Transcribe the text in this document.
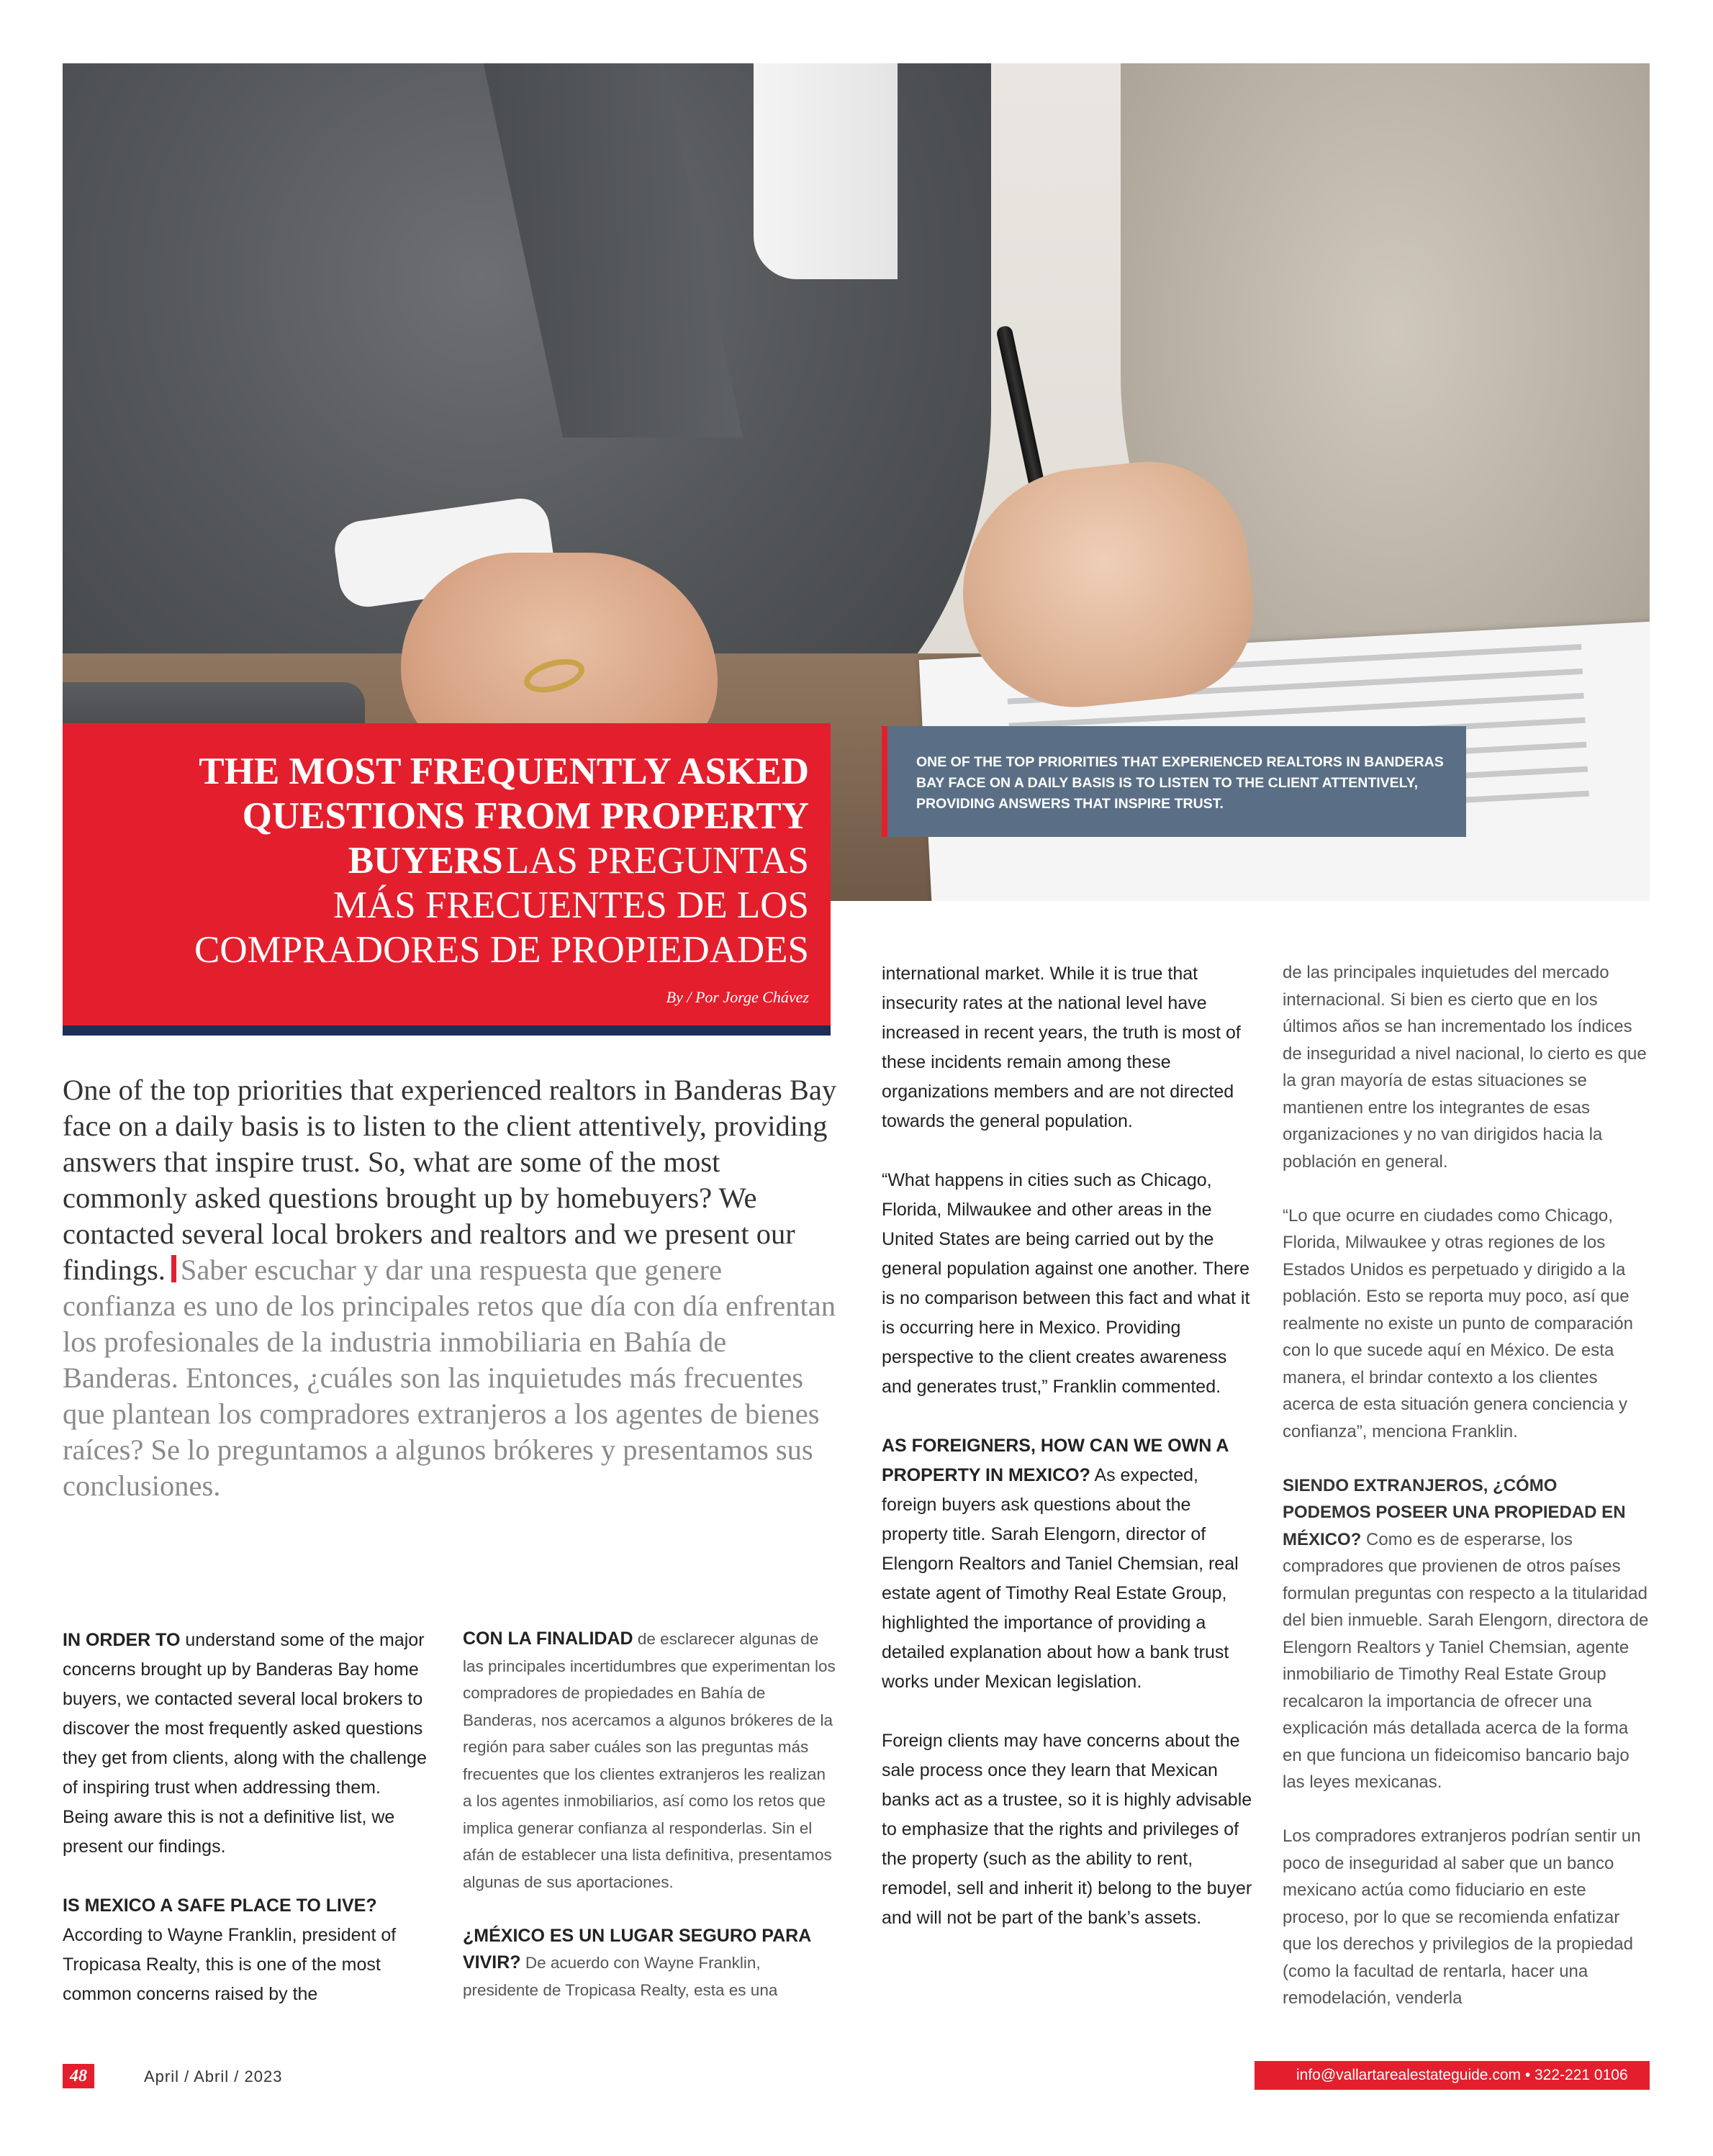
ONE OF THE TOP PRIORITIES THAT EXPERIENCED REALTORS IN BANDERAS BAY FACE ON A DAILY BASIS IS TO LISTEN TO THE CLIENT ATTENTIVELY, PROVIDING ANSWERS THAT INSPIRE TRUST.
THE MOST FREQUENTLY ASKED
QUESTIONS FROM PROPERTY
BUYERS LAS PREGUNTAS
MÁS FRECUENTES DE LOS
COMPRADORES DE PROPIEDADES
By / Por Jorge Chávez
One of the top priorities that experienced realtors in Banderas Bay face on a daily basis is to listen to the client attentively, providing answers that inspire trust. So, what are some of the most commonly asked questions brought up by homebuyers? We contacted several local brokers and realtors and we present our findings. Saber escuchar y dar una respuesta que genere confianza es uno de los principales retos que día con día enfrentan los profesionales de la industria inmobiliaria en Bahía de Banderas. Entonces, ¿cuáles son las inquietudes más frecuentes que plantean los compradores extranjeros a los agentes de bienes raíces? Se lo preguntamos a algunos brókeres y presentamos sus conclusiones.

IN ORDER TO understand some of the major concerns brought up by Banderas Bay home buyers, we contacted several local brokers to discover the most frequently asked questions they get from clients, along with the challenge of inspiring trust when addressing them. Being aware this is not a definitive list, we present our findings.

IS MEXICO A SAFE PLACE TO LIVE?

According to Wayne Franklin, president of Tropicasa Realty, this is one of the most common concerns raised by the

CON LA FINALIDAD de esclarecer algunas de las principales incertidumbres que experimentan los compradores de propiedades en Bahía de Banderas, nos acercamos a algunos brókeres de la región para saber cuáles son las preguntas más frecuentes que los clientes extranjeros les realizan a los agentes inmobiliarios, así como los retos que implica generar confianza al responderlas. Sin el afán de establecer una lista definitiva, presentamos algunas de sus aportaciones.

¿MÉXICO ES UN LUGAR SEGURO PARA VIVIR? De acuerdo con Wayne Franklin, presidente de Tropicasa Realty, esta es una

international market. While it is true that insecurity rates at the national level have increased in recent years, the truth is most of these incidents remain among these organizations members and are not directed towards the general population.

“What happens in cities such as Chicago, Florida, Milwaukee and other areas in the United States are being carried out by the general population against one another. There is no comparison between this fact and what it is occurring here in Mexico. Providing perspective to the client creates awareness and generates trust,” Franklin commented.

AS FOREIGNERS, HOW CAN WE OWN A PROPERTY IN MEXICO? As expected, foreign buyers ask questions about the property title. Sarah Elengorn, director of Elengorn Realtors and Taniel Chemsian, real estate agent of Timothy Real Estate Group, highlighted the importance of providing a detailed explanation about how a bank trust works under Mexican legislation.

Foreign clients may have concerns about the sale process once they learn that Mexican banks act as a trustee, so it is highly advisable to emphasize that the rights and privileges of the property (such as the ability to rent, remodel, sell and inherit it) belong to the buyer and will not be part of the bank’s assets.

de las principales inquietudes del mercado internacional. Si bien es cierto que en los últimos años se han incrementado los índices de inseguridad a nivel nacional, lo cierto es que la gran mayoría de estas situaciones se mantienen entre los integrantes de esas organizaciones y no van dirigidos hacia la población en general.

“Lo que ocurre en ciudades como Chicago, Florida, Milwaukee y otras regiones de los Estados Unidos es perpetuado y dirigido a la población. Esto se reporta muy poco, así que realmente no existe un punto de comparación con lo que sucede aquí en México. De esta manera, el brindar contexto a los clientes acerca de esta situación genera conciencia y confianza”, menciona Franklin.

SIENDO EXTRANJEROS, ¿CÓMO PODEMOS POSEER UNA PROPIEDAD EN MÉXICO? Como es de esperarse, los compradores que provienen de otros países formulan preguntas con respecto a la titularidad del bien inmueble. Sarah Elengorn, directora de Elengorn Realtors y Taniel Chemsian, agente inmobiliario de Timothy Real Estate Group recalcaron la importancia de ofrecer una explicación más detallada acerca de la forma en que funciona un fideicomiso bancario bajo las leyes mexicanas.

Los compradores extranjeros podrían sentir un poco de inseguridad al saber que un banco mexicano actúa como fiduciario en este proceso, por lo que se recomienda enfatizar que los derechos y privilegios de la propiedad (como la facultad de rentarla, hacer una remodelación, venderla

48	April / Abril / 2023	info@vallartarealestateguide.com • 322-221 0106
